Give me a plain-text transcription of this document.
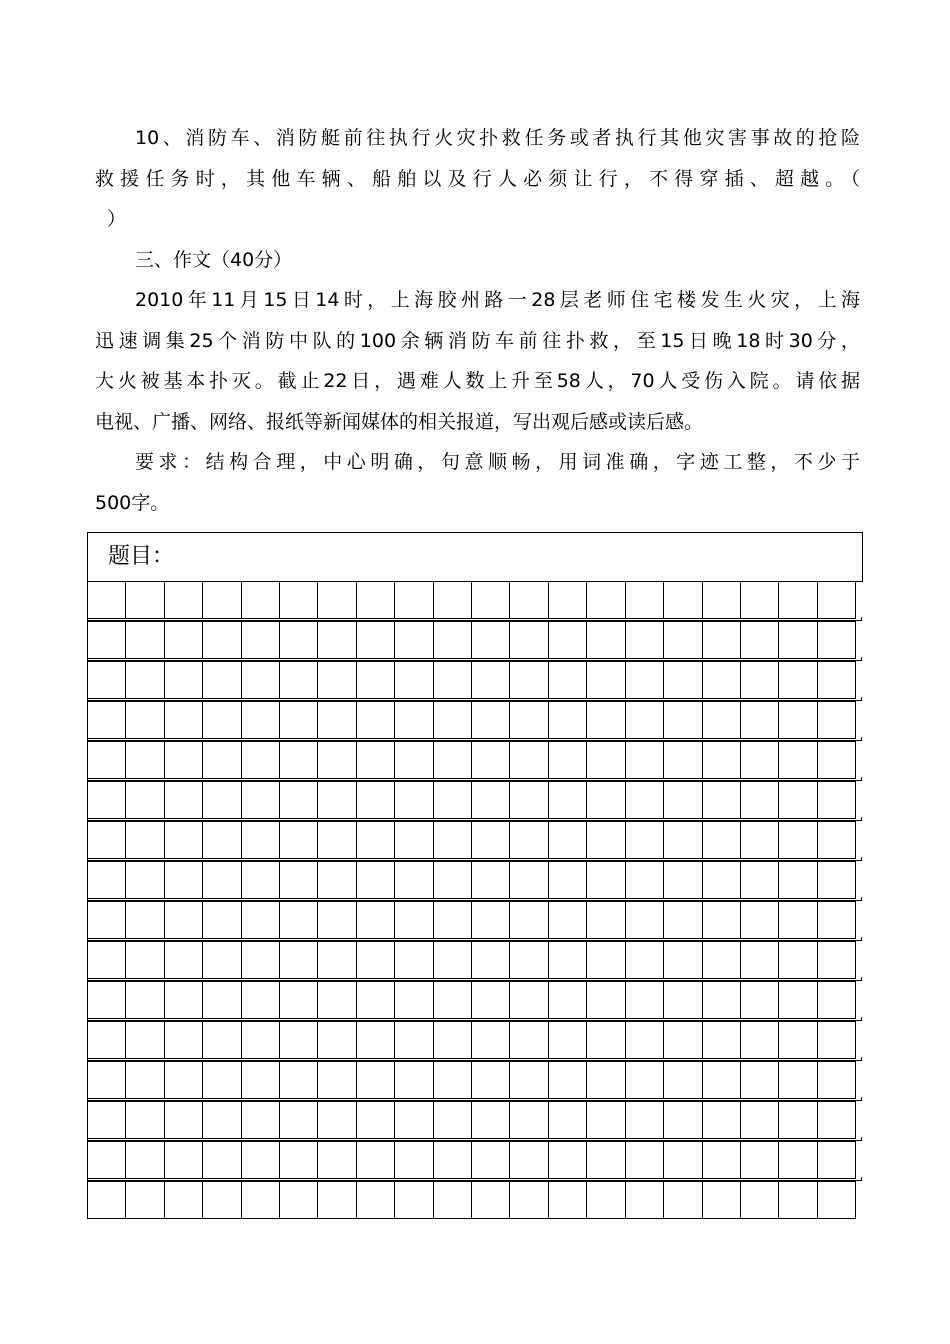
10、消防车、消防艇前往执行火灾扑救任务或者执行其他灾害事故的抢险
救援任务时，其他车辆、船舶以及行人必须让行，不得穿插、超越。（
）
三、作文（40分）
2010年11月15日14时，上海胶州路一28层老师住宅楼发生火灾，上海
迅速调集25个消防中队的100余辆消防车前往扑救，至15日晚18时30分，
大火被基本扑灭。截止22日，遇难人数上升至58人，70人受伤入院。请依据
电视、广播、网络、报纸等新闻媒体的相关报道，写出观后感或读后感。
要求：结构合理，中心明确，句意顺畅，用词准确，字迹工整，不少于
500字。
题目：
